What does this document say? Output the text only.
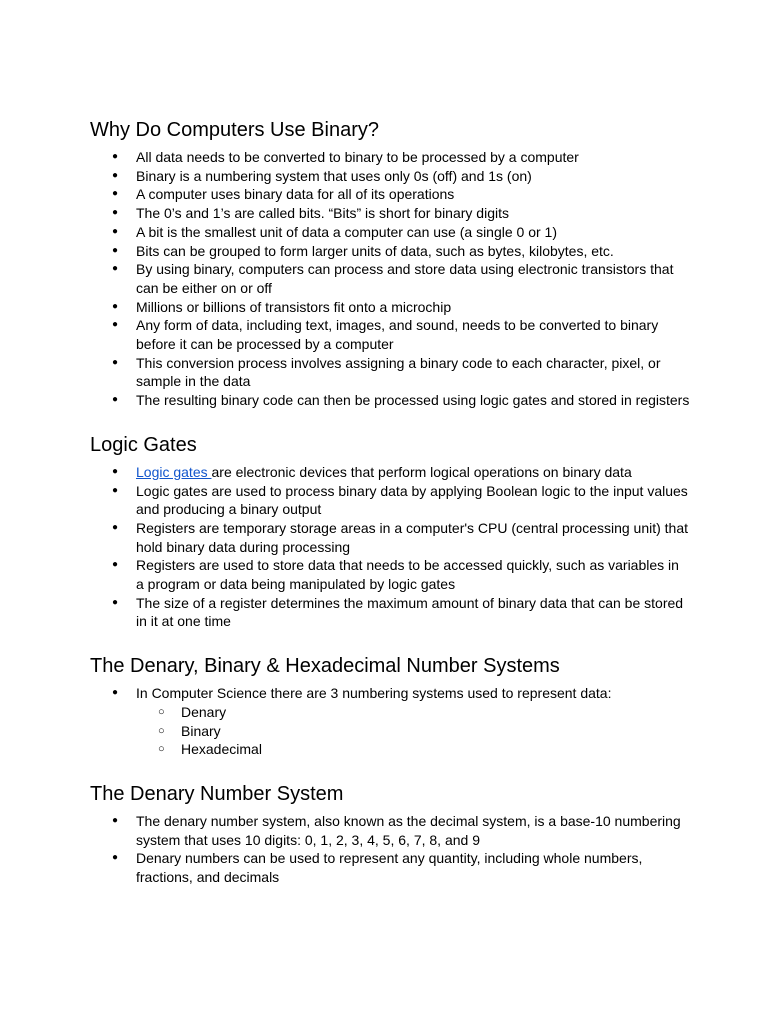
Why Do Computers Use Binary?
● All data needs to be converted to binary to be processed by a computer
● Binary is a numbering system that uses only 0s (off) and 1s (on)
● A computer uses binary data for all of its operations
● The 0’s and 1’s are called bits. “Bits” is short for binary digits
● A bit is the smallest unit of data a computer can use (a single 0 or 1)
● Bits can be grouped to form larger units of data, such as bytes, kilobytes, etc.
● By using binary, computers can process and store data using electronic transistors that can be either on or off
● Millions or billions of transistors fit onto a microchip
● Any form of data, including text, images, and sound, needs to be converted to binary before it can be processed by a computer
● This conversion process involves assigning a binary code to each character, pixel, or sample in the data
● The resulting binary code can then be processed using logic gates and stored in registers
Logic Gates
● Logic gates are electronic devices that perform logical operations on binary data
● Logic gates are used to process binary data by applying Boolean logic to the input values and producing a binary output
● Registers are temporary storage areas in a computer's CPU (central processing unit) that hold binary data during processing
● Registers are used to store data that needs to be accessed quickly, such as variables in a program or data being manipulated by logic gates
● The size of a register determines the maximum amount of binary data that can be stored in it at one time
The Denary, Binary & Hexadecimal Number Systems
● In Computer Science there are 3 numbering systems used to represent data:
○ Denary
○ Binary
○ Hexadecimal
The Denary Number System
● The denary number system, also known as the decimal system, is a base-10 numbering system that uses 10 digits: 0, 1, 2, 3, 4, 5, 6, 7, 8, and 9
● Denary numbers can be used to represent any quantity, including whole numbers, fractions, and decimals
